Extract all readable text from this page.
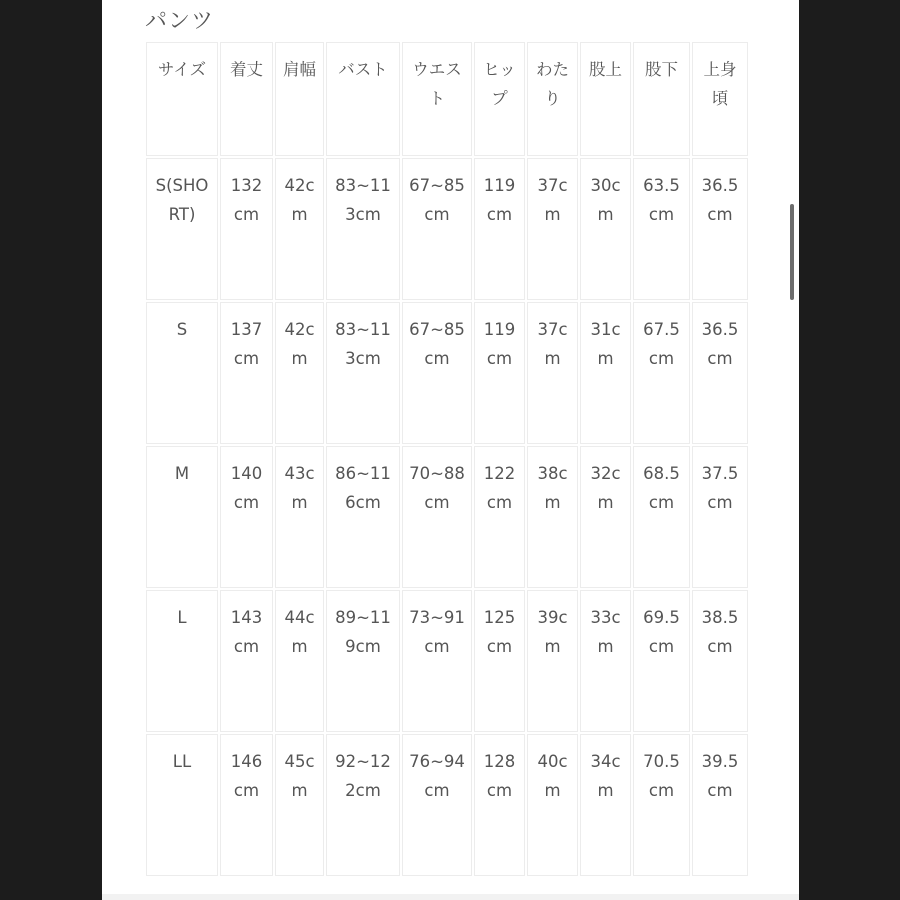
パンツ
サイズ	着丈	肩幅	バスト	ウエスト	ヒップ	わたり	股上	股下	上身頃
S(SHORT)	132cm	42cm	83~113cm	67~85cm	119cm	37cm	30cm	63.5cm	36.5cm
S	137cm	42cm	83~113cm	67~85cm	119cm	37cm	31cm	67.5cm	36.5cm
M	140cm	43cm	86~116cm	70~88cm	122cm	38cm	32cm	68.5cm	37.5cm
L	143cm	44cm	89~119cm	73~91cm	125cm	39cm	33cm	69.5cm	38.5cm
LL	146cm	45cm	92~122cm	76~94cm	128cm	40cm	34cm	70.5cm	39.5cm
